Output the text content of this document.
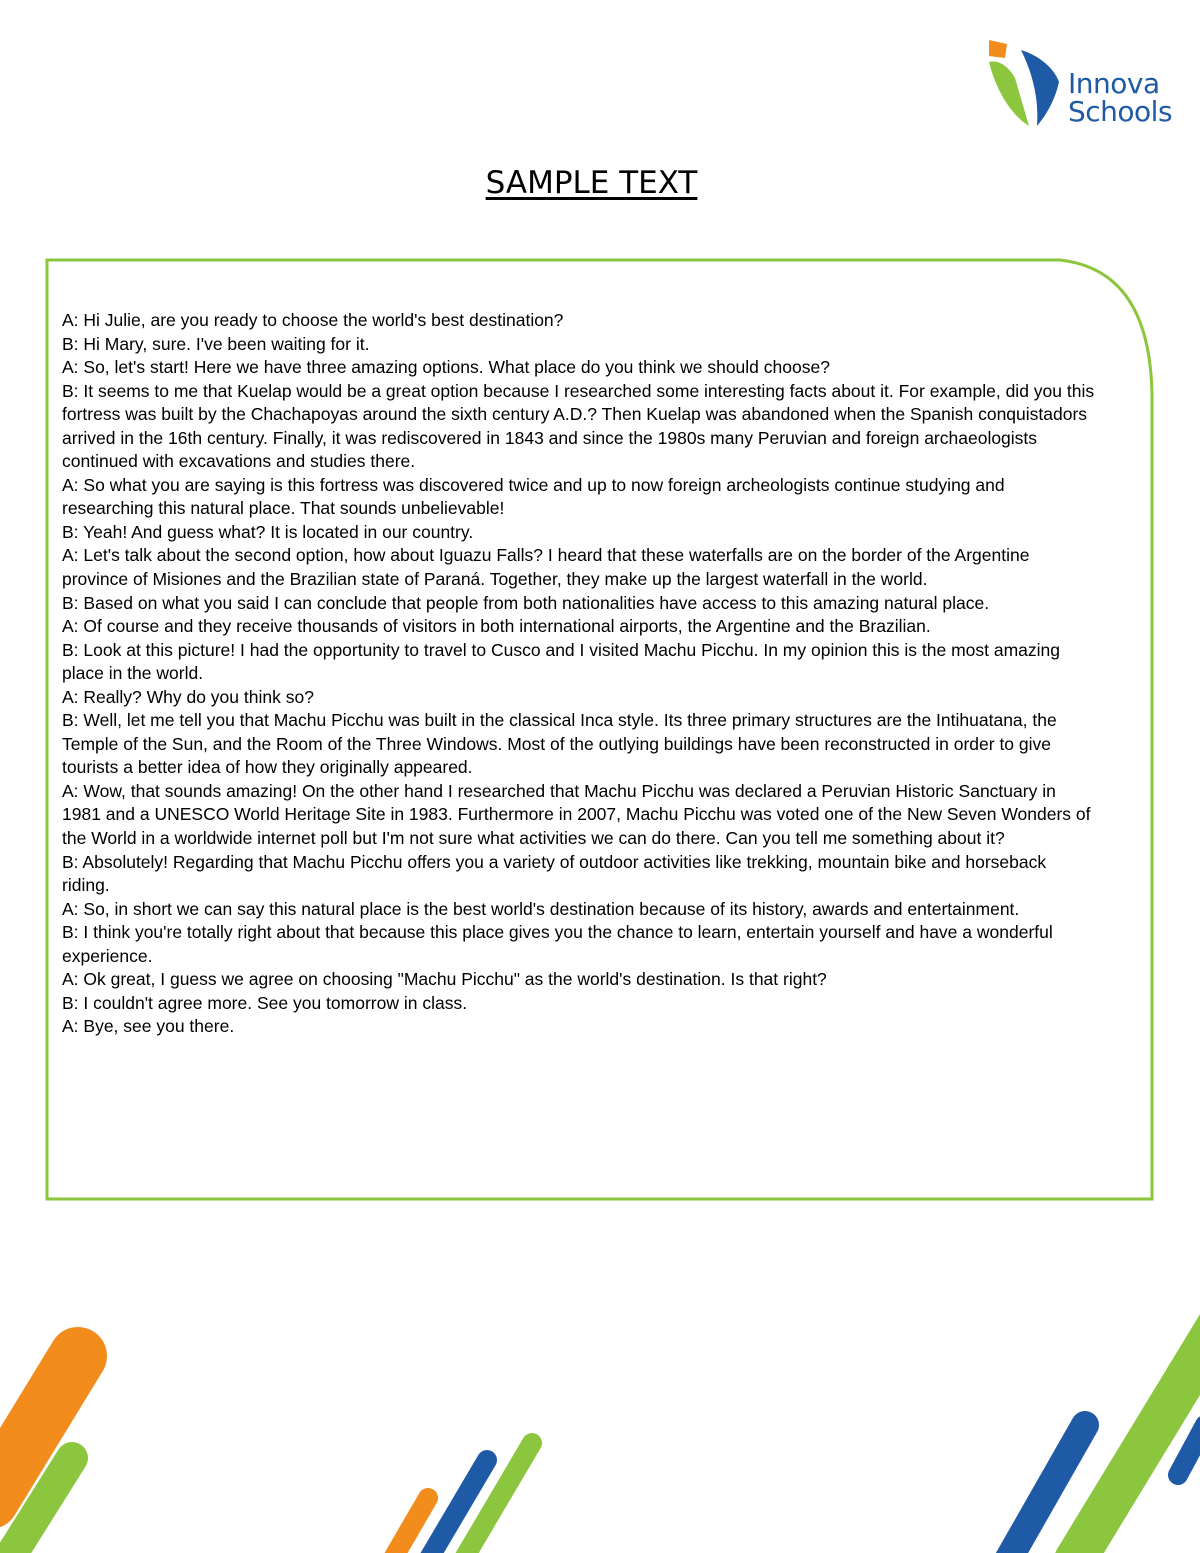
Innova
Schools
SAMPLE TEXT

A: Hi Julie, are you ready to choose the world's best destination?

B: Hi Mary, sure. I've been waiting for it.

A: So, let's start! Here we have three amazing options. What place do you think we should choose?

B: It seems to me that Kuelap would be a great option because I researched some interesting facts about it. For example, did you this fortress was built by the Chachapoyas around the sixth century A.D.? Then Kuelap was abandoned when the Spanish conquistadors arrived in the 16th century. Finally, it was rediscovered in 1843 and since the 1980s many Peruvian and foreign archaeologists continued with excavations and studies there.

A: So what you are saying is this fortress was discovered twice and up to now foreign archeologists continue studying and researching this natural place. That sounds unbelievable!

B: Yeah! And guess what? It is located in our country.

A: Let's talk about the second option, how about Iguazu Falls? I heard that these waterfalls are on the border of the Argentine province of Misiones and the Brazilian state of Paraná. Together, they make up the largest waterfall in the world.

B: Based on what you said I can conclude that people from both nationalities have access to this amazing natural place.

A: Of course and they receive thousands of visitors in both international airports, the Argentine and the Brazilian.

B: Look at this picture! I had the opportunity to travel to Cusco and I visited Machu Picchu. In my opinion this is the most amazing place in the world.

A: Really? Why do you think so?

B: Well, let me tell you that Machu Picchu was built in the classical Inca style. Its three primary structures are the Intihuatana, the Temple of the Sun, and the Room of the Three Windows. Most of the outlying buildings have been reconstructed in order to give tourists a better idea of how they originally appeared.

A: Wow, that sounds amazing! On the other hand I researched that Machu Picchu was declared a Peruvian Historic Sanctuary in 1981 and a UNESCO World Heritage Site in 1983. Furthermore in 2007, Machu Picchu was voted one of the New Seven Wonders of the World in a worldwide internet poll but I'm not sure what activities we can do there. Can you tell me something about it?

B: Absolutely! Regarding that Machu Picchu offers you a variety of outdoor activities like trekking, mountain bike and horseback riding.

A: So, in short we can say this natural place is the best world's destination because of its history, awards and entertainment.

B: I think you're totally right about that because this place gives you the chance to learn, entertain yourself and have a wonderful experience.

A: Ok great, I guess we agree on choosing "Machu Picchu" as the world's destination. Is that right?

B: I couldn't agree more. See you tomorrow in class.

A: Bye, see you there.
